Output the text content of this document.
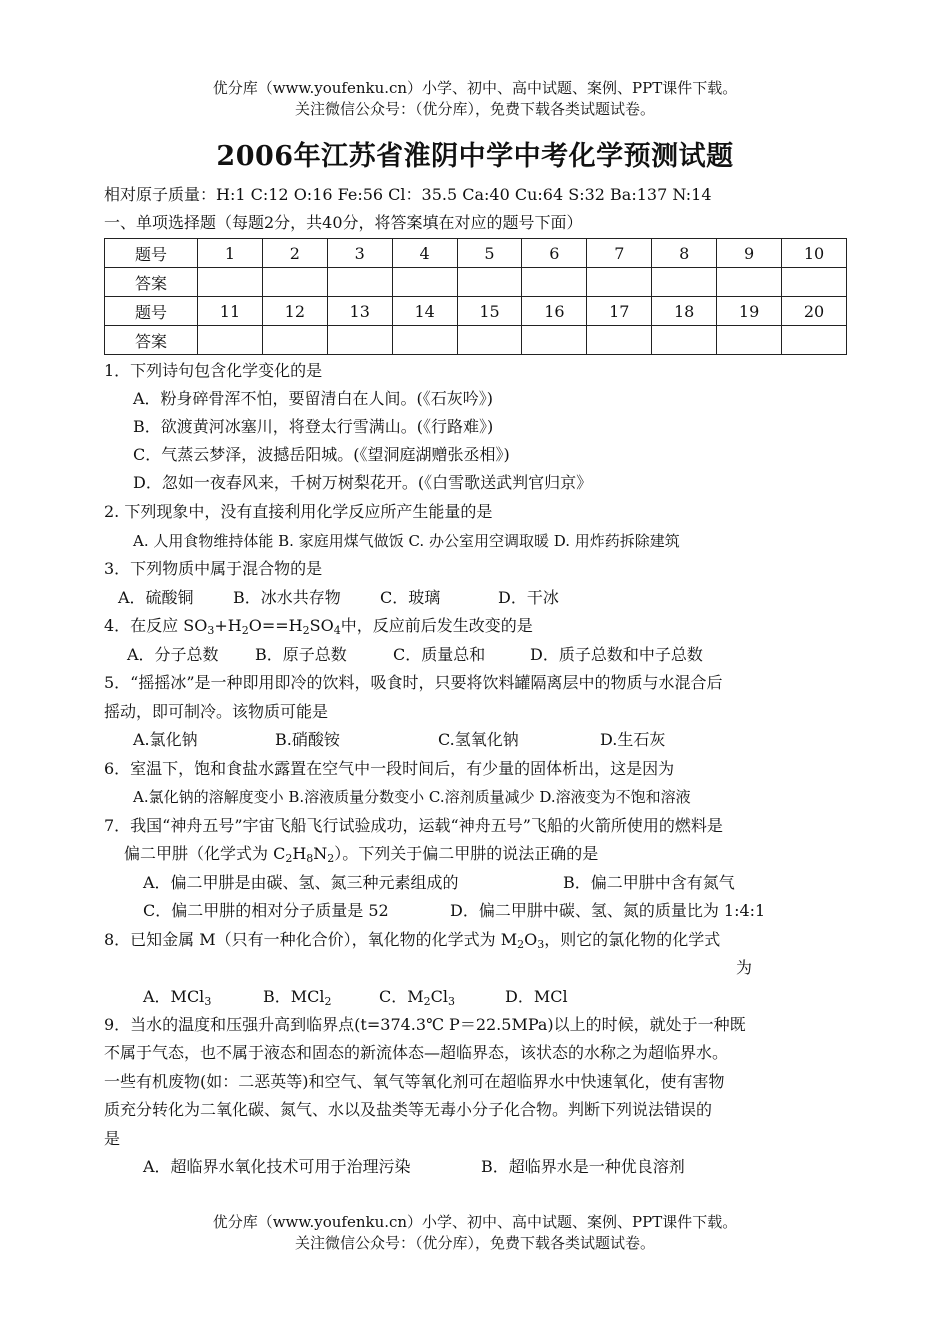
优分库（www.youfenku.cn）小学、初中、高中试题、案例、PPT课件下载。
关注微信公众号：（优分库），免费下载各类试题试卷。
2006年江苏省淮阴中学中考化学预测试题
相对原子质量：H:1 C:12 O:16 Fe:56 Cl：35.5 Ca:40 Cu:64 S:32 Ba:137 N:14
一、单项选择题（每题2分，共40分，将答案填在对应的题号下面）
题号	1	2	3	4	5	6	7	8	9	10
答案										
题号	11	12	13	14	15	16	17	18	19	20
答案										
1．下列诗句包含化学变化的是
A．粉身碎骨浑不怕，要留清白在人间。(《石灰吟》)
B．欲渡黄河冰塞川，将登太行雪满山。(《行路难》)
C．气蒸云梦泽，波撼岳阳城。(《望洞庭湖赠张丞相》)
D．忽如一夜春风来，千树万树梨花开。(《白雪歌送武判官归京》
2. 下列现象中，没有直接利用化学反应所产生能量的是
A. 人用食物维持体能 B. 家庭用煤气做饭 C. 办公室用空调取暖 D. 用炸药拆除建筑
3．下列物质中属于混合物的是
A．硫酸铜 B．冰水共存物 C．玻璃	D．干冰
4．在反应 $SO_3+H_2O==H_2SO_4$中，反应前后发生改变的是
A．分子总数 B．原子总数	C．质量总和	D．质子总数和中子总数
5．“摇摇冰”是一种即用即冷的饮料，吸食时，只要将饮料罐隔离层中的物质与水混合后
摇动，即可制冷。该物质可能是
A.氯化钠	B.硝酸铵	C.氢氧化钠	D.生石灰
6．室温下，饱和食盐水露置在空气中一段时间后，有少量的固体析出，这是因为
A.氯化钠的溶解度变小 B.溶液质量分数变小 C.溶剂质量减少 D.溶液变为不饱和溶液
7．我国“神舟五号”宇宙飞船飞行试验成功，运载“神舟五号”飞船的火箭所使用的燃料是
偏二甲肼（化学式为 $C_2H_8N_2$）。下列关于偏二甲肼的说法正确的是
A．偏二甲肼是由碳、氢、氮三种元素组成的	B．偏二甲肼中含有氮气
C．偏二甲肼的相对分子质量是 52	D．偏二甲肼中碳、氢、氮的质量比为 1:4:1
8．已知金属 M（只有一种化合价），氧化物的化学式为 $M_2O_3$，则它的氯化物的化学式
为
A．MCl$_3$	B．MCl$_2$	C．$M_2Cl_3$	D．MCl
9．当水的温度和压强升高到临界点(t=374.3℃ P＝22.5MPa)以上的时候，就处于一种既
不属于气态，也不属于液态和固态的新流体态—超临界态，该状态的水称之为超临界水。
一些有机废物(如：二恶英等)和空气、氧气等氧化剂可在超临界水中快速氧化，使有害物
质充分转化为二氧化碳、氮气、水以及盐类等无毒小分子化合物。判断下列说法错误的
是
A．超临界水氧化技术可用于治理污染	B．超临界水是一种优良溶剂
优分库（www.youfenku.cn）小学、初中、高中试题、案例、PPT课件下载。
关注微信公众号：（优分库），免费下载各类试题试卷。
